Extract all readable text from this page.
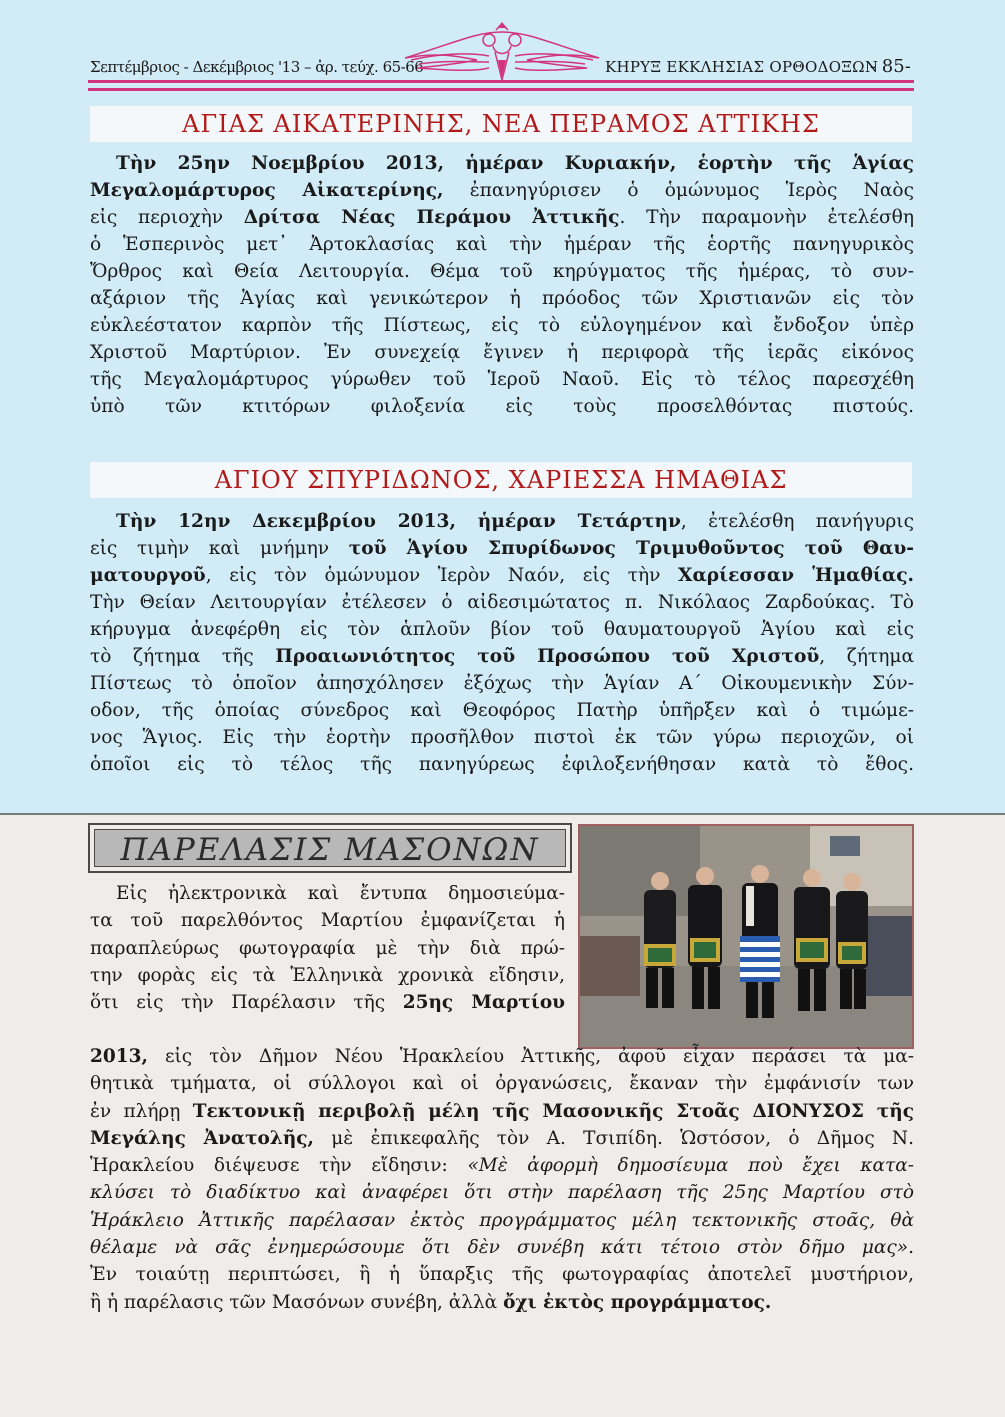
Σεπτέμβριος - Δεκέμβριος '13 – ἀρ. τεύχ. 65-66	ΚΗΡΥΞ ΕΚΚΛΗΣΙΑΣ ΟΡΘΟΔΟΞΩΝ
- 85-
ΑΓΙΑΣ ΑΙΚΑΤΕΡΙΝΗΣ, ΝΕΑ ΠΕΡΑΜΟΣ ΑΤΤΙΚΗΣ
Τὴν 25ην Νοεμβρίου 2013, ἡμέραν Κυριακήν, ἑορτὴν τῆς Ἁγίας
Μεγαλομάρτυρος Αἰκατερίνης, ἐπανηγύρισεν ὁ ὁμώνυμος Ἱερὸς Ναὸς
εἰς περιοχὴν Δρίτσα Νέας Περάμου Ἀττικῆς. Τὴν παραμονὴν ἐτελέσθη
ὁ Ἑσπερινὸς μετ᾽ Ἀρτοκλασίας καὶ τὴν ἡμέραν τῆς ἑορτῆς πανηγυρικὸς
Ὄρθρος καὶ Θεία Λειτουργία. Θέμα τοῦ κηρύγματος τῆς ἡμέρας, τὸ συν-
αξάριον τῆς Ἁγίας καὶ γενικώτερον ἡ πρόοδος τῶν Χριστιανῶν εἰς τὸν
εὐκλεέστατον καρπὸν τῆς Πίστεως, εἰς τὸ εὐλογημένον καὶ ἔνδοξον ὑπὲρ
Χριστοῦ Μαρτύριον. Ἐν συνεχείᾳ ἔγινεν ἡ περιφορὰ τῆς ἱερᾶς εἰκόνος
τῆς Μεγαλομάρτυρος γύρωθεν τοῦ Ἱεροῦ Ναοῦ. Εἰς τὸ τέλος παρεσχέθη
ὑπὸ τῶν κτιτόρων φιλοξενία εἰς τοὺς προσελθόντας πιστούς.
ΑΓΙΟΥ ΣΠΥΡΙΔΩΝΟΣ, ΧΑΡΙΕΣΣΑ ΗΜΑΘΙΑΣ
Τὴν 12ην Δεκεμβρίου 2013, ἡμέραν Τετάρτην, ἐτελέσθη πανήγυρις
εἰς τιμὴν καὶ μνήμην τοῦ Ἁγίου Σπυρίδωνος Τριμυθοῦντος τοῦ Θαυ-
ματουργοῦ, εἰς τὸν ὁμώνυμον Ἱερὸν Ναόν, εἰς τὴν Χαρίεσσαν Ἡμαθίας.
Τὴν Θείαν Λειτουργίαν ἐτέλεσεν ὁ αἰδεσιμώτατος π. Νικόλαος Ζαρδούκας. Τὸ
κήρυγμα ἀνεφέρθη εἰς τὸν ἁπλοῦν βίον τοῦ θαυματουργοῦ Ἁγίου καὶ εἰς
τὸ ζήτημα τῆς Προαιωνιότητος τοῦ Προσώπου τοῦ Χριστοῦ, ζήτημα
Πίστεως τὸ ὁποῖον ἀπησχόλησεν ἐξόχως τὴν Ἁγίαν Α΄ Οἰκουμενικὴν Σύν-
οδον, τῆς ὁποίας σύνεδρος καὶ Θεοφόρος Πατὴρ ὑπῆρξεν καὶ ὁ τιμώμε-
νος Ἅγιος. Εἰς τὴν ἑορτὴν προσῆλθον πιστοὶ ἐκ τῶν γύρω περιοχῶν, οἱ
ὁποῖοι εἰς τὸ τέλος τῆς πανηγύρεως ἐφιλοξενήθησαν κατὰ τὸ ἔθος.
ΠΑΡΕΛΑΣΙΣ ΜΑΣΟΝΩΝ
Εἰς ἠλεκτρονικὰ καὶ ἔντυπα δημοσιεύμα-
τα τοῦ παρελθόντος Μαρτίου ἐμφανίζεται ἡ
παραπλεύρως φωτογραφία μὲ τὴν διὰ πρώ-
την φορὰς εἰς τὰ Ἑλληνικὰ χρονικὰ εἴδησιν,
ὅτι εἰς τὴν Παρέλασιν τῆς 25ης Μαρτίου
2013, εἰς τὸν Δῆμον Νέου Ἡρακλείου Ἀττικῆς, ἀφοῦ εἶχαν περάσει τὰ μα-
θητικὰ τμήματα, οἱ σύλλογοι καὶ οἱ ὀργανώσεις, ἔκαναν τὴν ἐμφάνισίν των
ἐν πλήρῃ Τεκτονικῇ περιβολῇ μέλη τῆς Μασονικῆς Στοᾶς ΔΙΟΝΥΣΟΣ τῆς
Μεγάλης Ἀνατολῆς, μὲ ἐπικεφαλῆς τὸν Α. Τσιπίδη. Ὡστόσον, ὁ Δῆμος Ν.
Ἡρακλείου διέψευσε τὴν εἴδησιν: «Μὲ ἀφορμὴ δημοσίευμα ποὺ ἔχει κατα-
κλύσει τὸ διαδίκτυο καὶ ἀναφέρει ὅτι στὴν παρέλαση τῆς 25ης Μαρτίου στὸ
Ἡράκλειο Ἀττικῆς παρέλασαν ἐκτὸς προγράμματος μέλη τεκτονικῆς στοᾶς, θὰ
θέλαμε νὰ σᾶς ἐνημερώσουμε ὅτι δὲν συνέβη κάτι τέτοιο στὸν δῆμο μας».
Ἐν τοιαύτῃ περιπτώσει, ἢ ἡ ὕπαρξις τῆς φωτογραφίας ἀποτελεῖ μυστήριον,
ἢ ἡ παρέλασις τῶν Μασόνων συνέβη, ἀλλὰ ὄχι ἐκτὸς προγράμματος.
